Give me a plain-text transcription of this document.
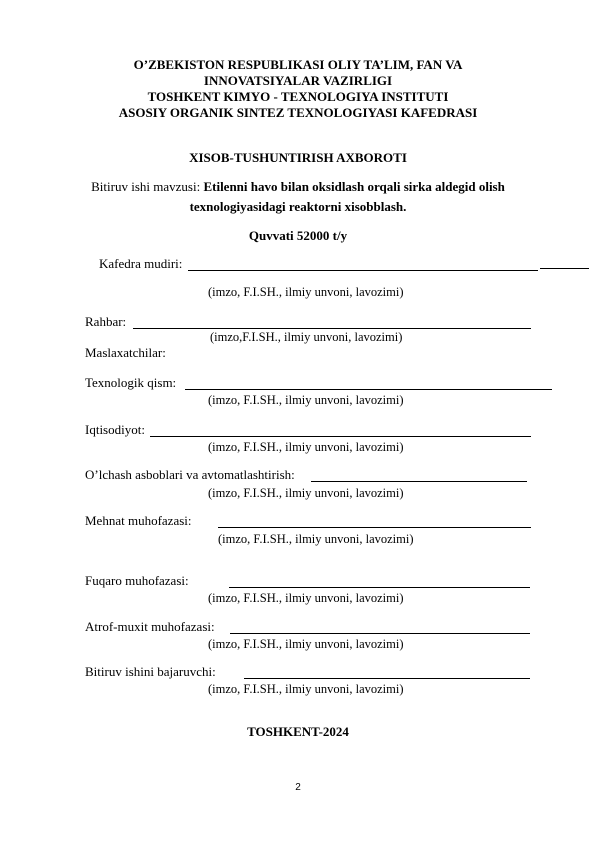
O’ZBEKISTON RESPUBLIKASI OLIY TA’LIM, FAN VA
INNOVATSIYALAR VAZIRLIGI
TOSHKENT KIMYO - TEXNOLOGIYA INSTITUTI
ASOSIY ORGANIK SINTEZ TEXNOLOGIYASI KAFEDRASI
XISOB-TUSHUNTIRISH AXBOROTI
Bitiruv ishi mavzusi: Etilennі havo bilan oksidlash orqali sirka aldegid olish
texnologiyasidagi reaktorni xisobblash.
Quvvati 52000 t/y
Kafedra mudiri:
(imzo, F.I.SH., ilmiy unvoni, lavozimi)
Rahbar:
(imzo,F.I.SH., ilmiy unvoni, lavozimi)
Maslaxatchilar:
Texnologik qism:
(imzo, F.I.SH., ilmiy unvoni, lavozimi)
Iqtisodiyot:
(imzo, F.I.SH., ilmiy unvoni, lavozimi)
O’lchash asboblari va avtomatlashtirish:
(imzo, F.I.SH., ilmiy unvoni, lavozimi)
Mehnat muhofazasi:
(imzo, F.I.SH., ilmiy unvoni, lavozimi)
Fuqaro muhofazasi:
(imzo, F.I.SH., ilmiy unvoni, lavozimi)
Atrof-muxit muhofazasi:
(imzo, F.I.SH., ilmiy unvoni, lavozimi)
Bitiruv ishini bajaruvchi:
(imzo, F.I.SH., ilmiy unvoni, lavozimi)
TOSHKENT-2024
2
